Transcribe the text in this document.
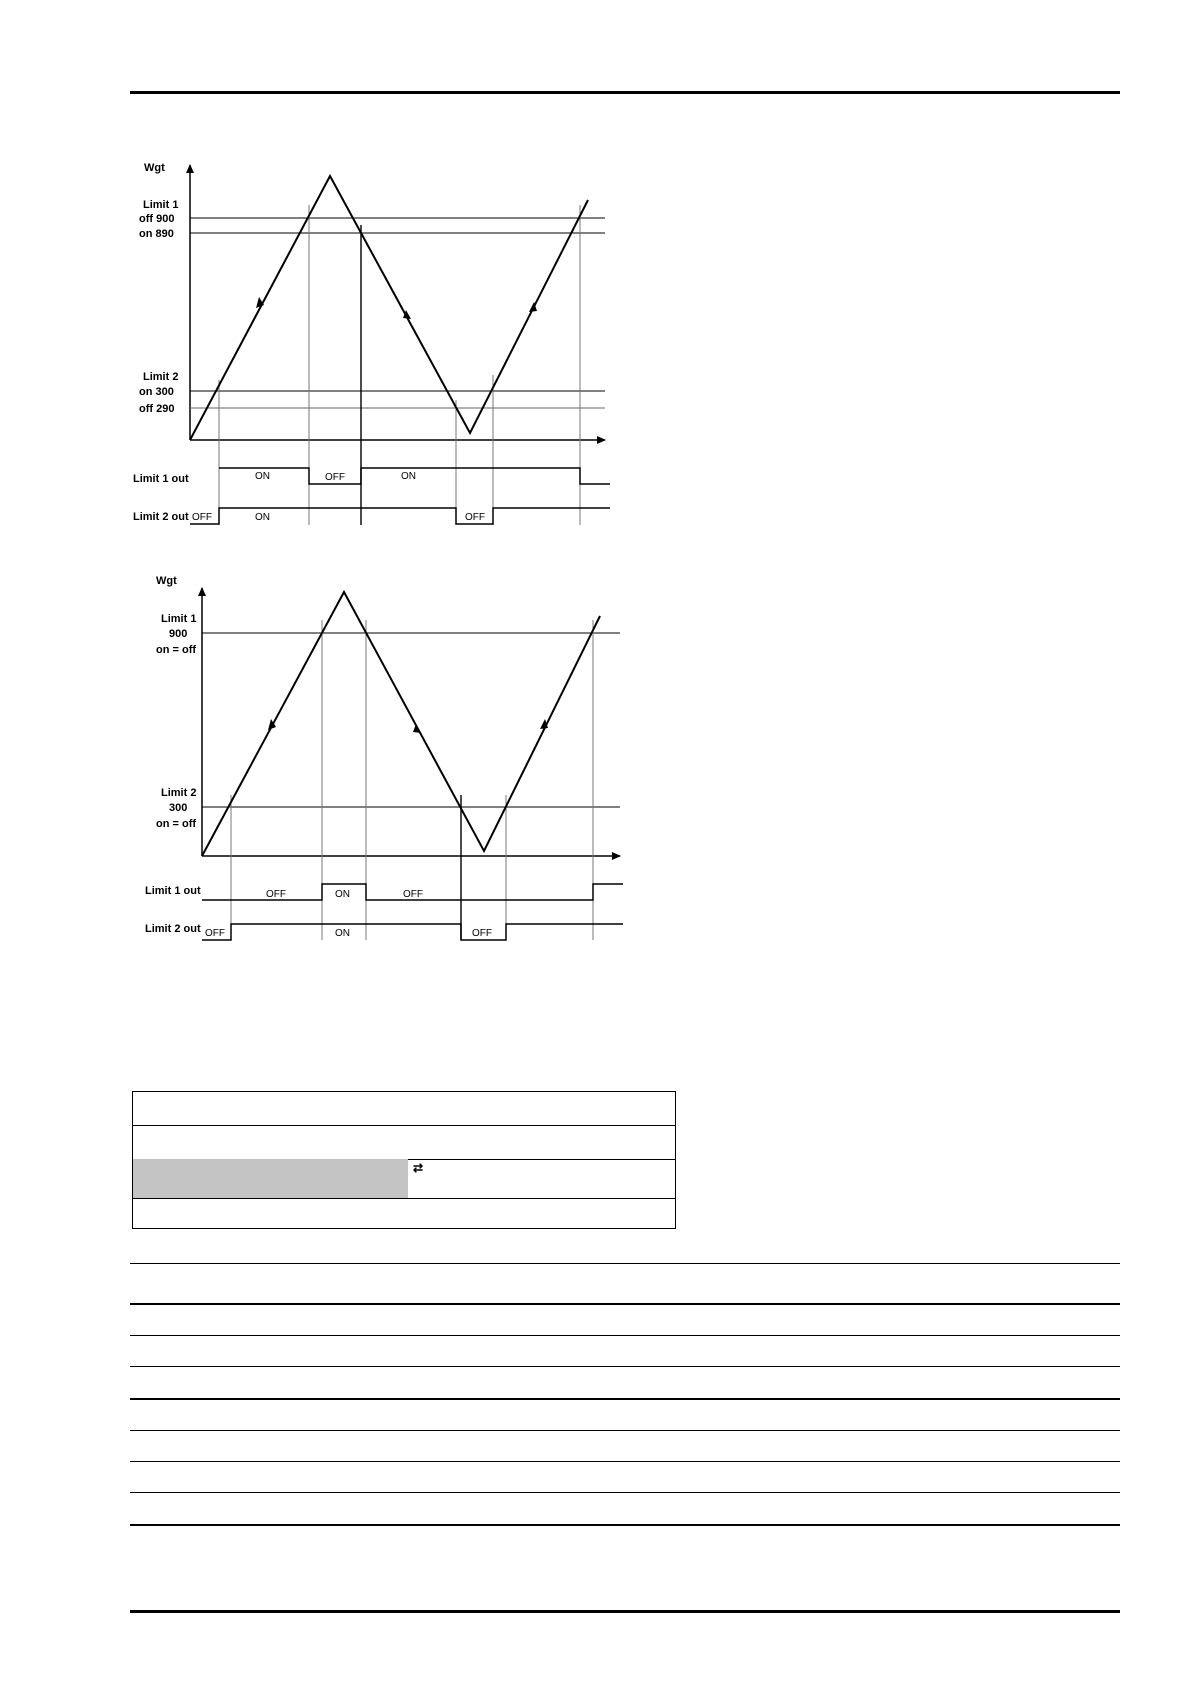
Wgt
Limit 1
off 900
on 890
Limit 2
on 300
off 290
Limit 1 out	ON	OFF	ON
Limit 2 out OFF	ON	OFF
Wgt
Limit 1
900
on = off
Limit 2
300
on = off
Limit 1 out	OFF	ON	OFF
Limit 2 out OFF	ON	OFF
⇄
